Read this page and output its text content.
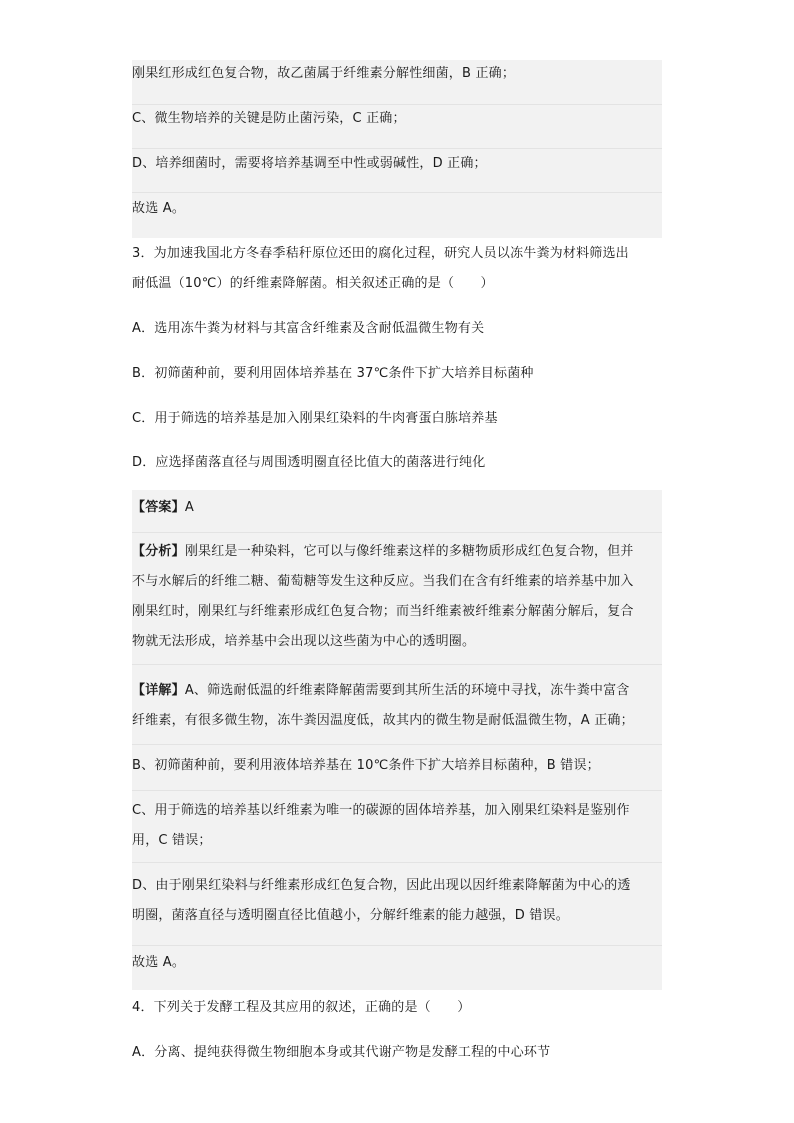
刚果红形成红色复合物，故乙菌属于纤维素分解性细菌，B 正确；
C、微生物培养的关键是防止菌污染，C 正确；
D、培养细菌时，需要将培养基调至中性或弱碱性，D 正确；
故选 A。
3．为加速我国北方冬春季秸秆原位还田的腐化过程，研究人员以冻牛粪为材料筛选出
耐低温（10℃）的纤维素降解菌。相关叙述正确的是（　　）
A．选用冻牛粪为材料与其富含纤维素及含耐低温微生物有关
B．初筛菌种前，要利用固体培养基在 37℃条件下扩大培养目标菌种
C．用于筛选的培养基是加入刚果红染料的牛肉膏蛋白胨培养基
D．应选择菌落直径与周围透明圈直径比值大的菌落进行纯化
【答案】A
【分析】刚果红是一种染料，它可以与像纤维素这样的多糖物质形成红色复合物，但并
不与水解后的纤维二糖、葡萄糖等发生这种反应。当我们在含有纤维素的培养基中加入
刚果红时，刚果红与纤维素形成红色复合物；而当纤维素被纤维素分解菌分解后，复合
物就无法形成，培养基中会出现以这些菌为中心的透明圈。
【详解】A、筛选耐低温的纤维素降解菌需要到其所生活的环境中寻找，冻牛粪中富含
纤维素，有很多微生物，冻牛粪因温度低，故其内的微生物是耐低温微生物，A 正确；
B、初筛菌种前，要利用液体培养基在 10℃条件下扩大培养目标菌种，B 错误；
C、用于筛选的培养基以纤维素为唯一的碳源的固体培养基，加入刚果红染料是鉴别作
用，C 错误；
D、由于刚果红染料与纤维素形成红色复合物，因此出现以因纤维素降解菌为中心的透
明圈，菌落直径与透明圈直径比值越小，分解纤维素的能力越强，D 错误。
故选 A。
4．下列关于发酵工程及其应用的叙述，正确的是（　　）
A．分离、提纯获得微生物细胞本身或其代谢产物是发酵工程的中心环节
